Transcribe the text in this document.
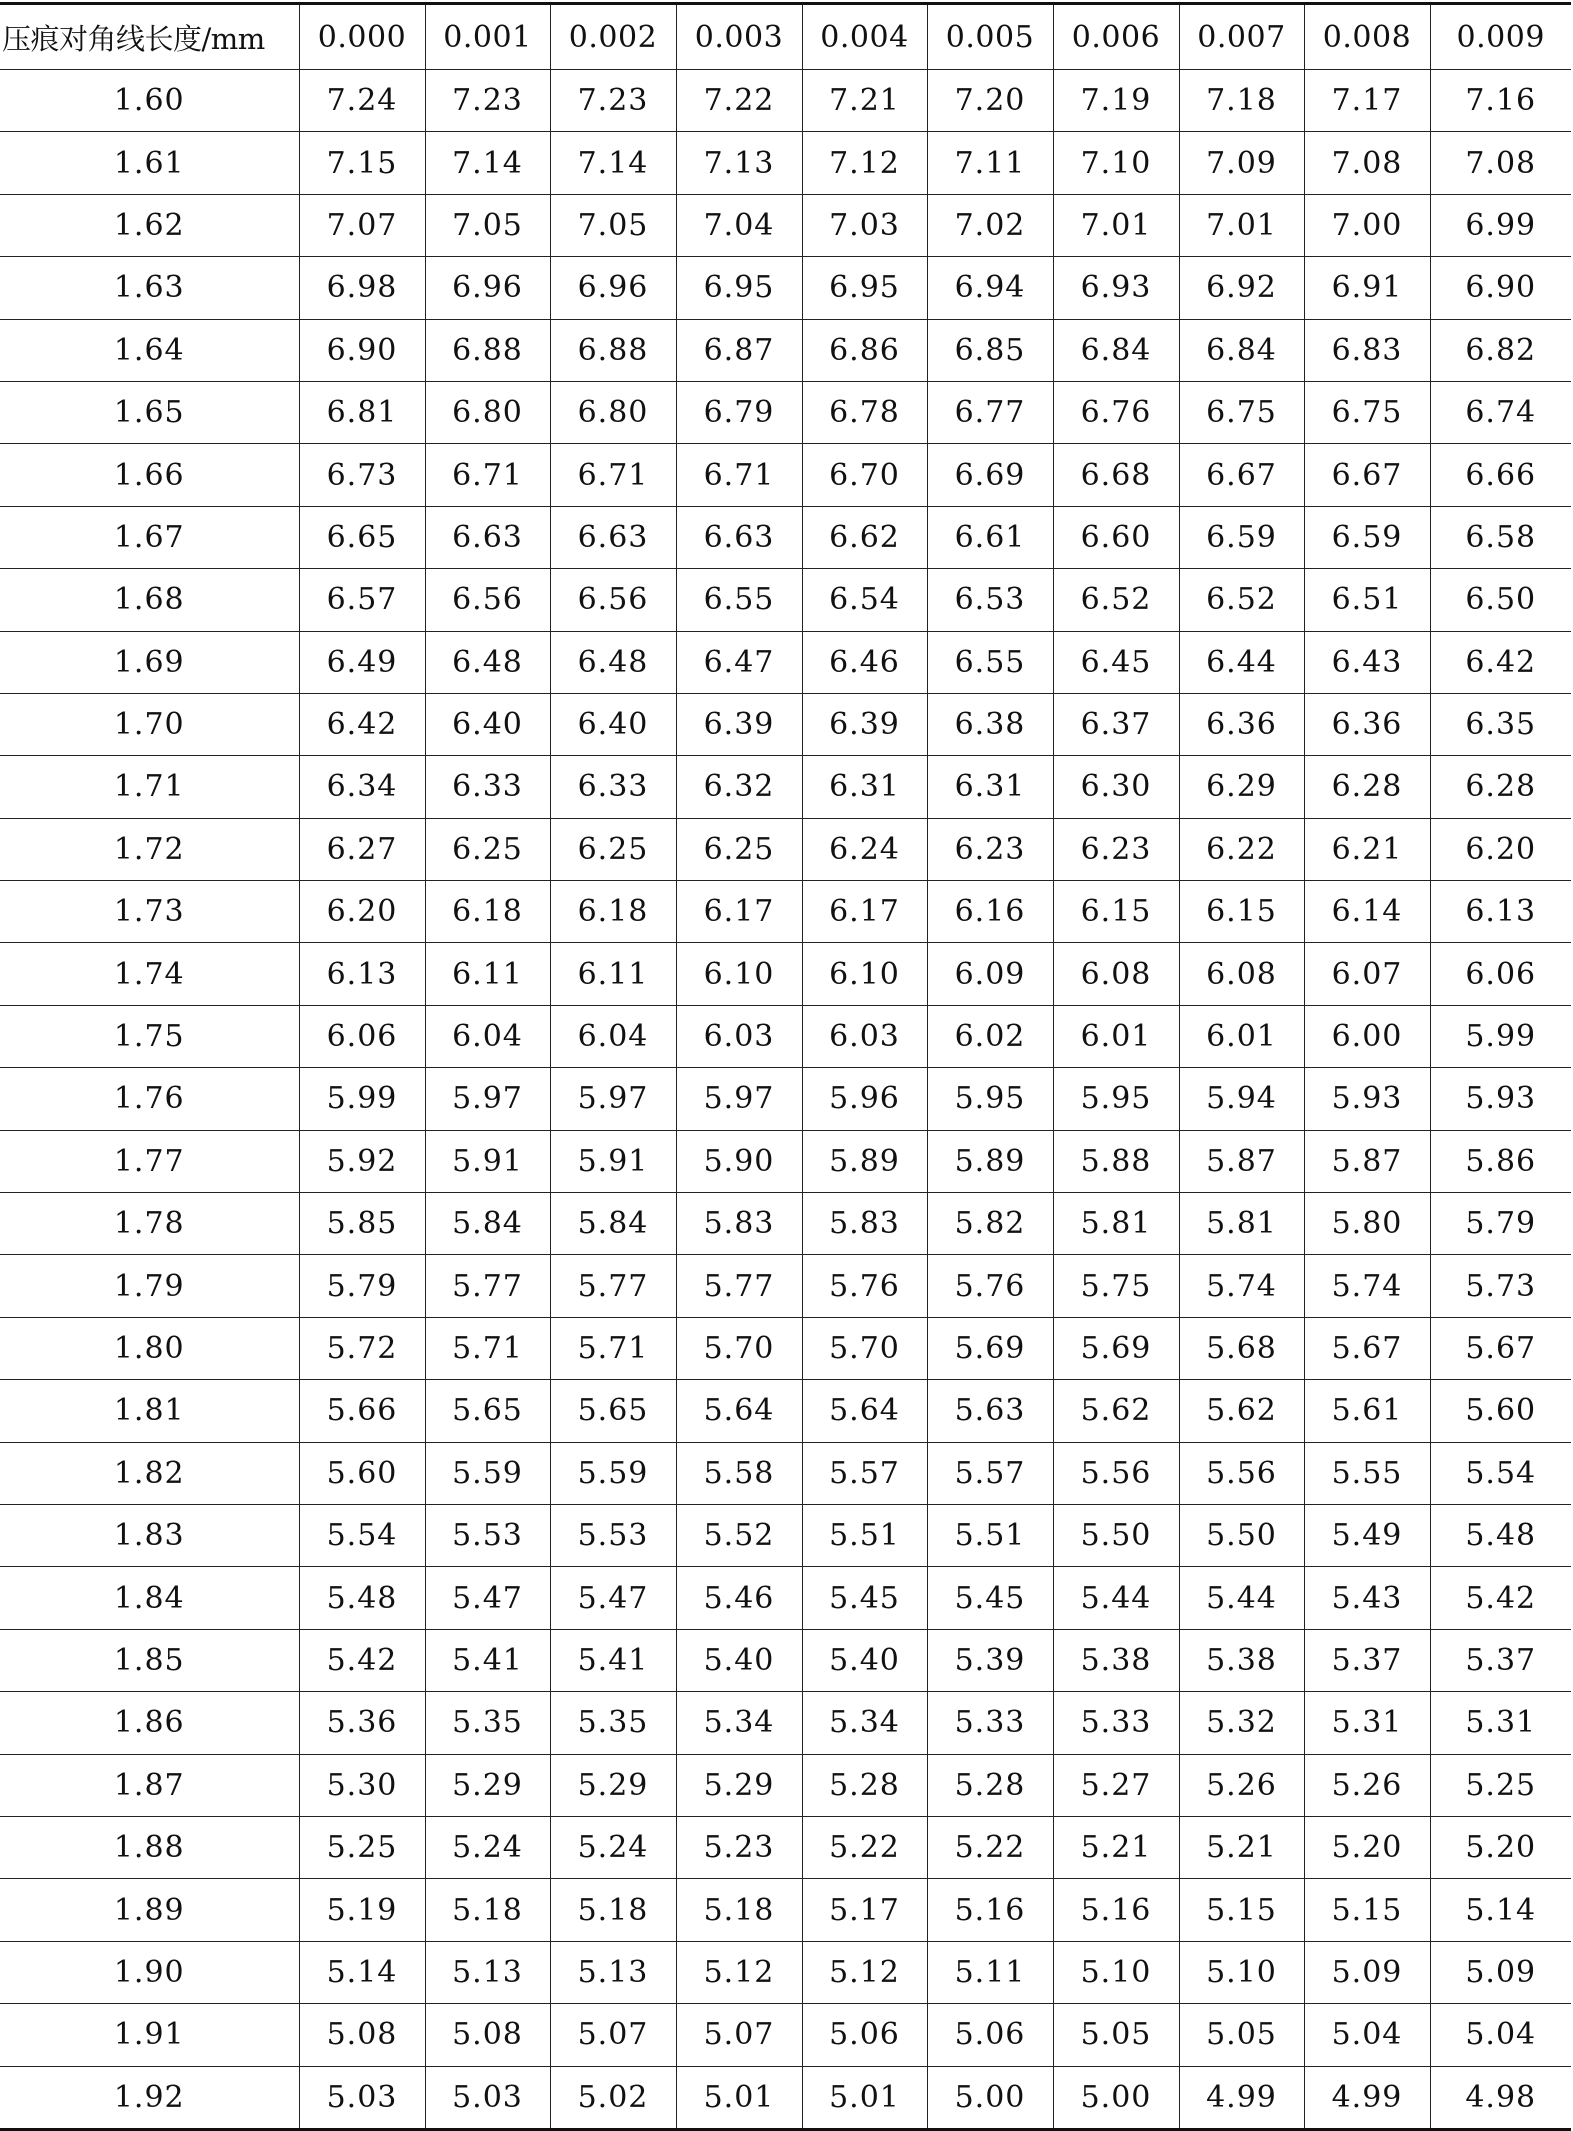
压痕对角线长度/mm	0.000	0.001	0.002	0.003	0.004	0.005	0.006	0.007	0.008	0.009
1.60	7.24	7.23	7.23	7.22	7.21	7.20	7.19	7.18	7.17	7.16
1.61	7.15	7.14	7.14	7.13	7.12	7.11	7.10	7.09	7.08	7.08
1.62	7.07	7.05	7.05	7.04	7.03	7.02	7.01	7.01	7.00	6.99
1.63	6.98	6.96	6.96	6.95	6.95	6.94	6.93	6.92	6.91	6.90
1.64	6.90	6.88	6.88	6.87	6.86	6.85	6.84	6.84	6.83	6.82
1.65	6.81	6.80	6.80	6.79	6.78	6.77	6.76	6.75	6.75	6.74
1.66	6.73	6.71	6.71	6.71	6.70	6.69	6.68	6.67	6.67	6.66
1.67	6.65	6.63	6.63	6.63	6.62	6.61	6.60	6.59	6.59	6.58
1.68	6.57	6.56	6.56	6.55	6.54	6.53	6.52	6.52	6.51	6.50
1.69	6.49	6.48	6.48	6.47	6.46	6.55	6.45	6.44	6.43	6.42
1.70	6.42	6.40	6.40	6.39	6.39	6.38	6.37	6.36	6.36	6.35
1.71	6.34	6.33	6.33	6.32	6.31	6.31	6.30	6.29	6.28	6.28
1.72	6.27	6.25	6.25	6.25	6.24	6.23	6.23	6.22	6.21	6.20
1.73	6.20	6.18	6.18	6.17	6.17	6.16	6.15	6.15	6.14	6.13
1.74	6.13	6.11	6.11	6.10	6.10	6.09	6.08	6.08	6.07	6.06
1.75	6.06	6.04	6.04	6.03	6.03	6.02	6.01	6.01	6.00	5.99
1.76	5.99	5.97	5.97	5.97	5.96	5.95	5.95	5.94	5.93	5.93
1.77	5.92	5.91	5.91	5.90	5.89	5.89	5.88	5.87	5.87	5.86
1.78	5.85	5.84	5.84	5.83	5.83	5.82	5.81	5.81	5.80	5.79
1.79	5.79	5.77	5.77	5.77	5.76	5.76	5.75	5.74	5.74	5.73
1.80	5.72	5.71	5.71	5.70	5.70	5.69	5.69	5.68	5.67	5.67
1.81	5.66	5.65	5.65	5.64	5.64	5.63	5.62	5.62	5.61	5.60
1.82	5.60	5.59	5.59	5.58	5.57	5.57	5.56	5.56	5.55	5.54
1.83	5.54	5.53	5.53	5.52	5.51	5.51	5.50	5.50	5.49	5.48
1.84	5.48	5.47	5.47	5.46	5.45	5.45	5.44	5.44	5.43	5.42
1.85	5.42	5.41	5.41	5.40	5.40	5.39	5.38	5.38	5.37	5.37
1.86	5.36	5.35	5.35	5.34	5.34	5.33	5.33	5.32	5.31	5.31
1.87	5.30	5.29	5.29	5.29	5.28	5.28	5.27	5.26	5.26	5.25
1.88	5.25	5.24	5.24	5.23	5.22	5.22	5.21	5.21	5.20	5.20
1.89	5.19	5.18	5.18	5.18	5.17	5.16	5.16	5.15	5.15	5.14
1.90	5.14	5.13	5.13	5.12	5.12	5.11	5.10	5.10	5.09	5.09
1.91	5.08	5.08	5.07	5.07	5.06	5.06	5.05	5.05	5.04	5.04
1.92	5.03	5.03	5.02	5.01	5.01	5.00	5.00	4.99	4.99	4.98
